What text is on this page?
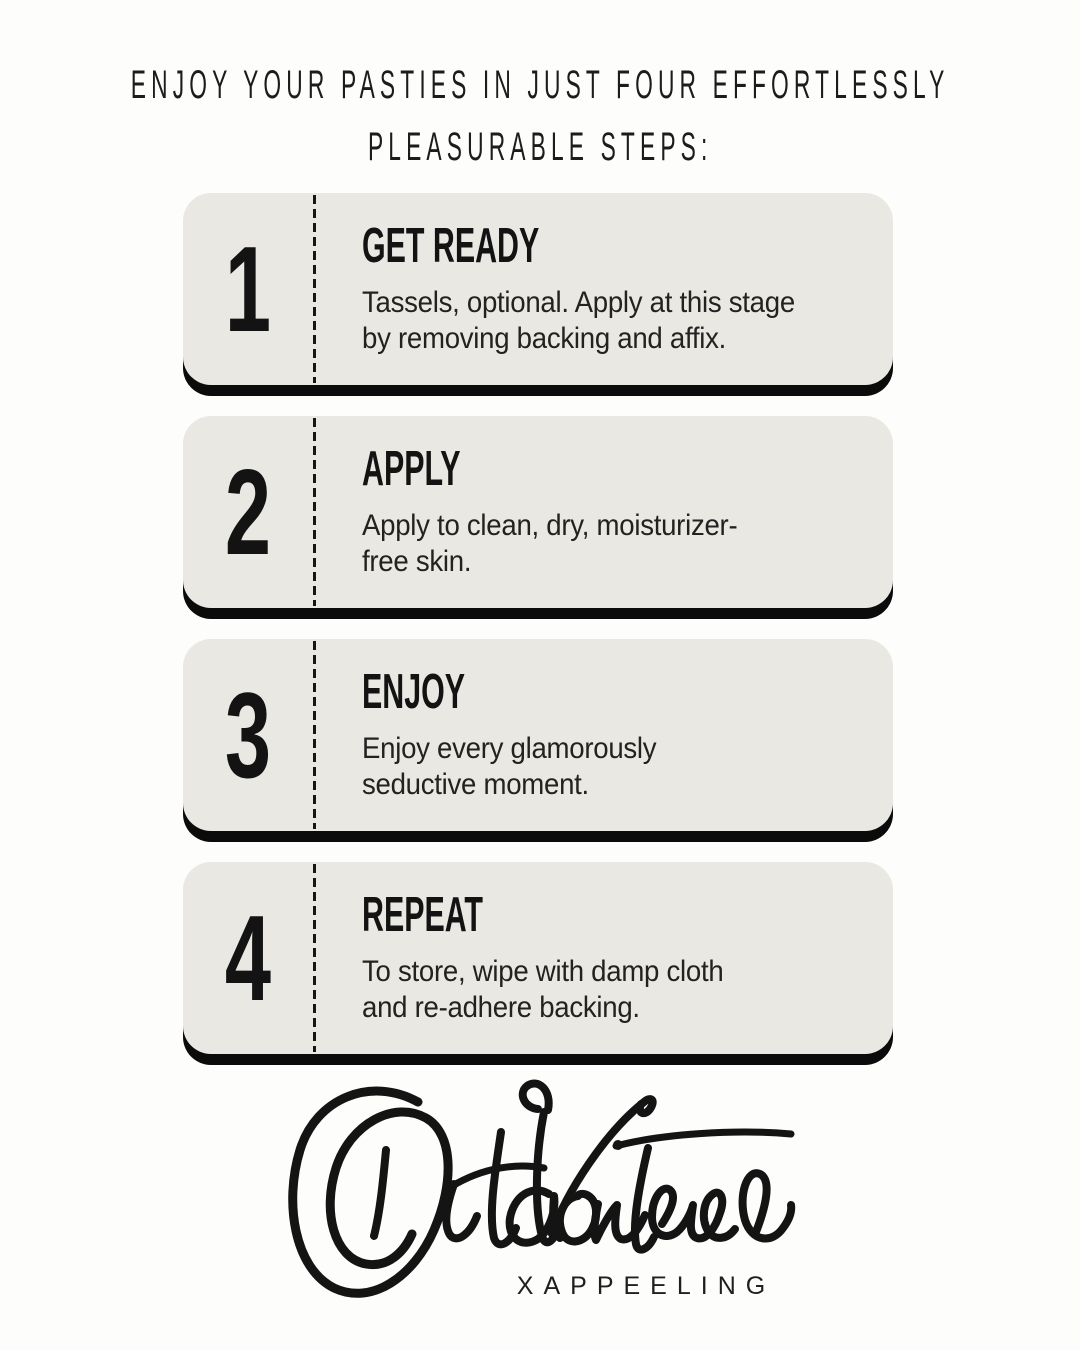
ENJOY YOUR PASTIES IN JUST FOUR EFFORTLESSLY
PLEASURABLE STEPS:
1 GET READY
Tassels, optional. Apply at this stage
by removing backing and affix.
2 APPLY
Apply to clean, dry, moisturizer-
free skin.
3 ENJOY
Enjoy every glamorously
seductive moment.
4 REPEAT
To store, wipe with damp cloth
and re-adhere backing.
XAPPEELING
